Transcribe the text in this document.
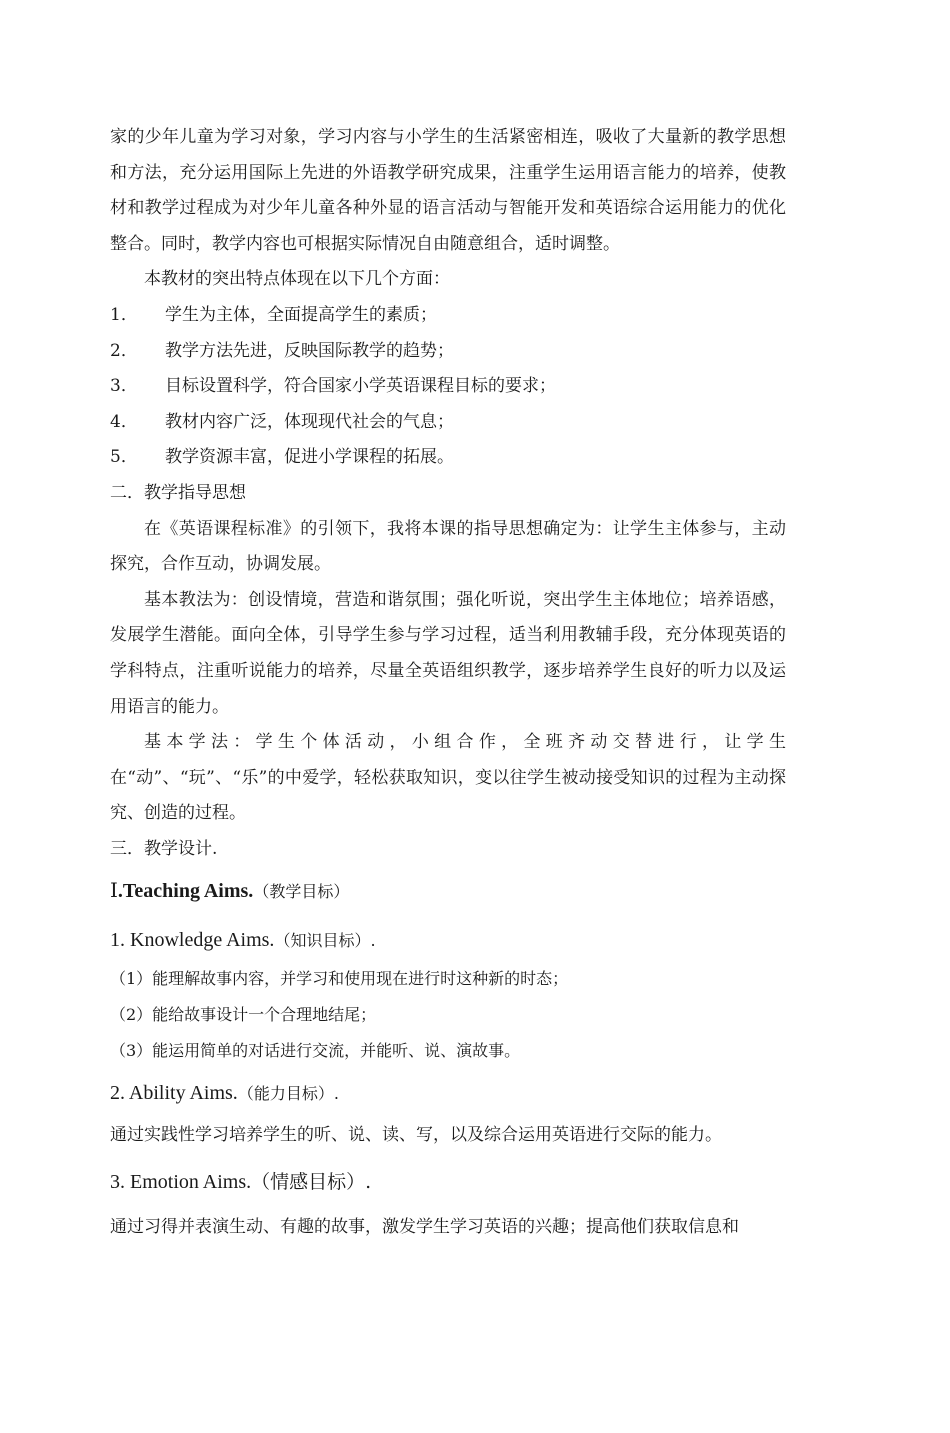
家的少年儿童为学习对象，学习内容与小学生的生活紧密相连，吸收了大量新的教学思想和方法，充分运用国际上先进的外语教学研究成果，注重学生运用语言能力的培养，使教材和教学过程成为对少年儿童各种外显的语言活动与智能开发和英语综合运用能力的优化整合。同时，教学内容也可根据实际情况自由随意组合，适时调整。

本教材的突出特点体现在以下几个方面：

1．	学生为主体，全面提高学生的素质；
2．	教学方法先进，反映国际教学的趋势；
3．	目标设置科学，符合国家小学英语课程目标的要求；
4．	教材内容广泛，体现现代社会的气息；
5．	教学资源丰富，促进小学课程的拓展。

二．教学指导思想

在《英语课程标准》的引领下，我将本课的指导思想确定为：让学生主体参与，主动探究，合作互动，协调发展。

基本教法为：创设情境，营造和谐氛围；强化听说，突出学生主体地位；培养语感，发展学生潜能。面向全体，引导学生参与学习过程，适当利用教辅手段，充分体现英语的学科特点，注重听说能力的培养，尽量全英语组织教学，逐步培养学生良好的听力以及运用语言的能力。

基本学法：学生个体活动，小组合作，全班齐动交替进行，让学生在“动”、“玩”、“乐”的中爱学，轻松获取知识，变以往学生被动接受知识的过程为主动探究、创造的过程。

三．教学设计.

Ⅰ.Teaching Aims.（教学目标）

1. Knowledge Aims.（知识目标）.

（1）能理解故事内容，并学习和使用现在进行时这种新的时态；

（2）能给故事设计一个合理地结尾；

（3）能运用简单的对话进行交流，并能听、说、演故事。

2. Ability Aims.（能力目标）.

通过实践性学习培养学生的听、说、读、写，以及综合运用英语进行交际的能力。

3. Emotion Aims.（情感目标）.

通过习得并表演生动、有趣的故事，激发学生学习英语的兴趣；提高他们获取信息和
